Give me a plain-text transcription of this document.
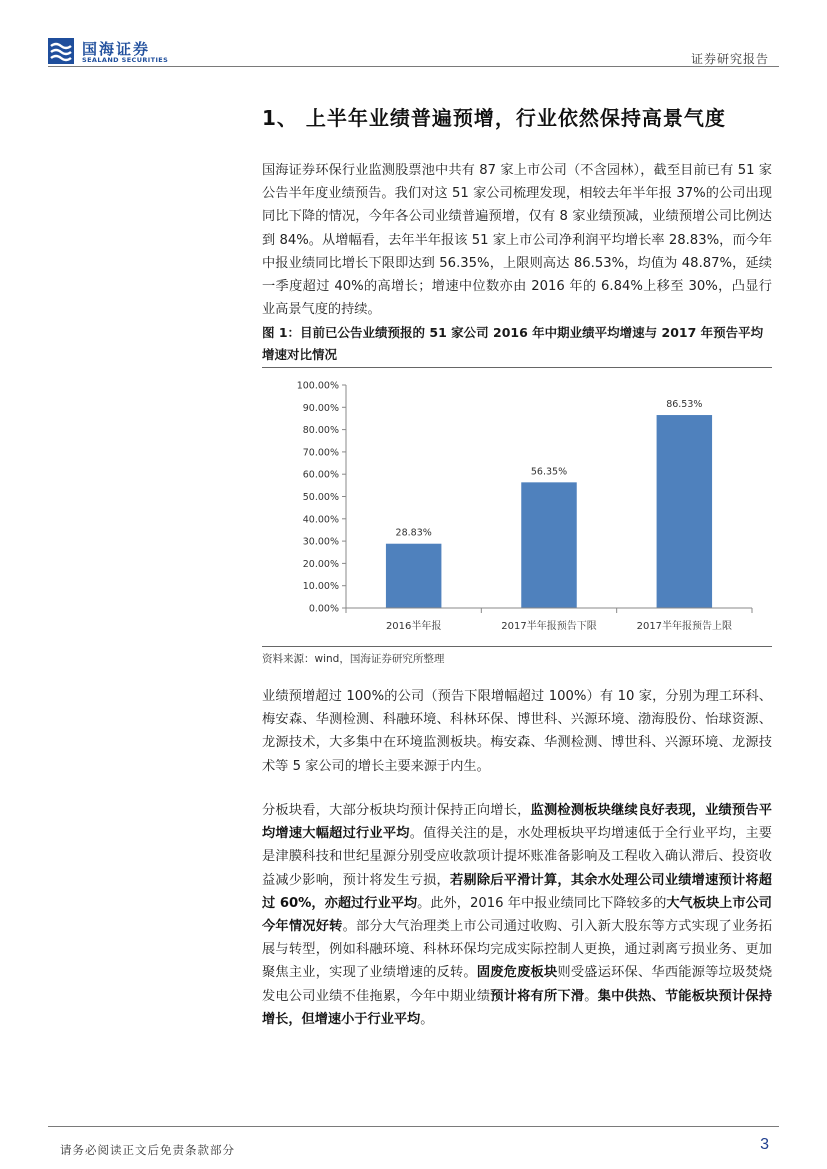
国海证券
SEALAND SECURITIES	证券研究报告
1、 上半年业绩普遍预增，行业依然保持高景气度
国海证券环保行业监测股票池中共有 87 家上市公司（不含园林），截至目前已有 51 家公告半年度业绩预告。我们对这 51 家公司梳理发现，相较去年半年报 37%的公司出现同比下降的情况，今年各公司业绩普遍预增，仅有 8 家业绩预减，业绩预增公司比例达到 84%。从增幅看，去年半年报该 51 家上市公司净利润平均增长率 28.83%，而今年中报业绩同比增长下限即达到 56.35%，上限则高达 86.53%，均值为 48.87%，延续一季度超过 40%的高增长；增速中位数亦由 2016 年的 6.84%上移至 30%，凸显行业高景气度的持续。
图 1：目前已公告业绩预报的 51 家公司 2016 年中期业绩平均增速与 2017 年预告平均增速对比情况
0.00%
10.00%
20.00%
30.00%
40.00%
50.00%
60.00%
70.00%
80.00%
90.00%
100.00%
28.83%
56.35%
86.53%
2016半年报	2017半年报预告下限	2017半年报预告上限
资料来源：wind，国海证券研究所整理
业绩预增超过 100%的公司（预告下限增幅超过 100%）有 10 家，分别为理工环科、梅安森、华测检测、科融环境、科林环保、博世科、兴源环境、渤海股份、怡球资源、龙源技术，大多集中在环境监测板块。梅安森、华测检测、博世科、兴源环境、龙源技术等 5 家公司的增长主要来源于内生。
分板块看，大部分板块均预计保持正向增长，监测检测板块继续良好表现，业绩预告平均增速大幅超过行业平均。值得关注的是，水处理板块平均增速低于全行业平均，主要是津膜科技和世纪星源分别受应收款项计提坏账准备影响及工程收入确认滞后、投资收益减少影响，预计将发生亏损，若剔除后平滑计算，其余水处理公司业绩增速预计将超过 60%，亦超过行业平均。此外，2016 年中报业绩同比下降较多的大气板块上市公司今年情况好转。部分大气治理类上市公司通过收购、引入新大股东等方式实现了业务拓展与转型，例如科融环境、科林环保均完成实际控制人更换，通过剥离亏损业务、更加聚焦主业，实现了业绩增速的反转。固废危废板块则受盛运环保、华西能源等垃圾焚烧发电公司业绩不佳拖累，今年中期业绩预计将有所下滑。集中供热、节能板块预计保持增长，但增速小于行业平均。
请务必阅读正文后免责条款部分	3
